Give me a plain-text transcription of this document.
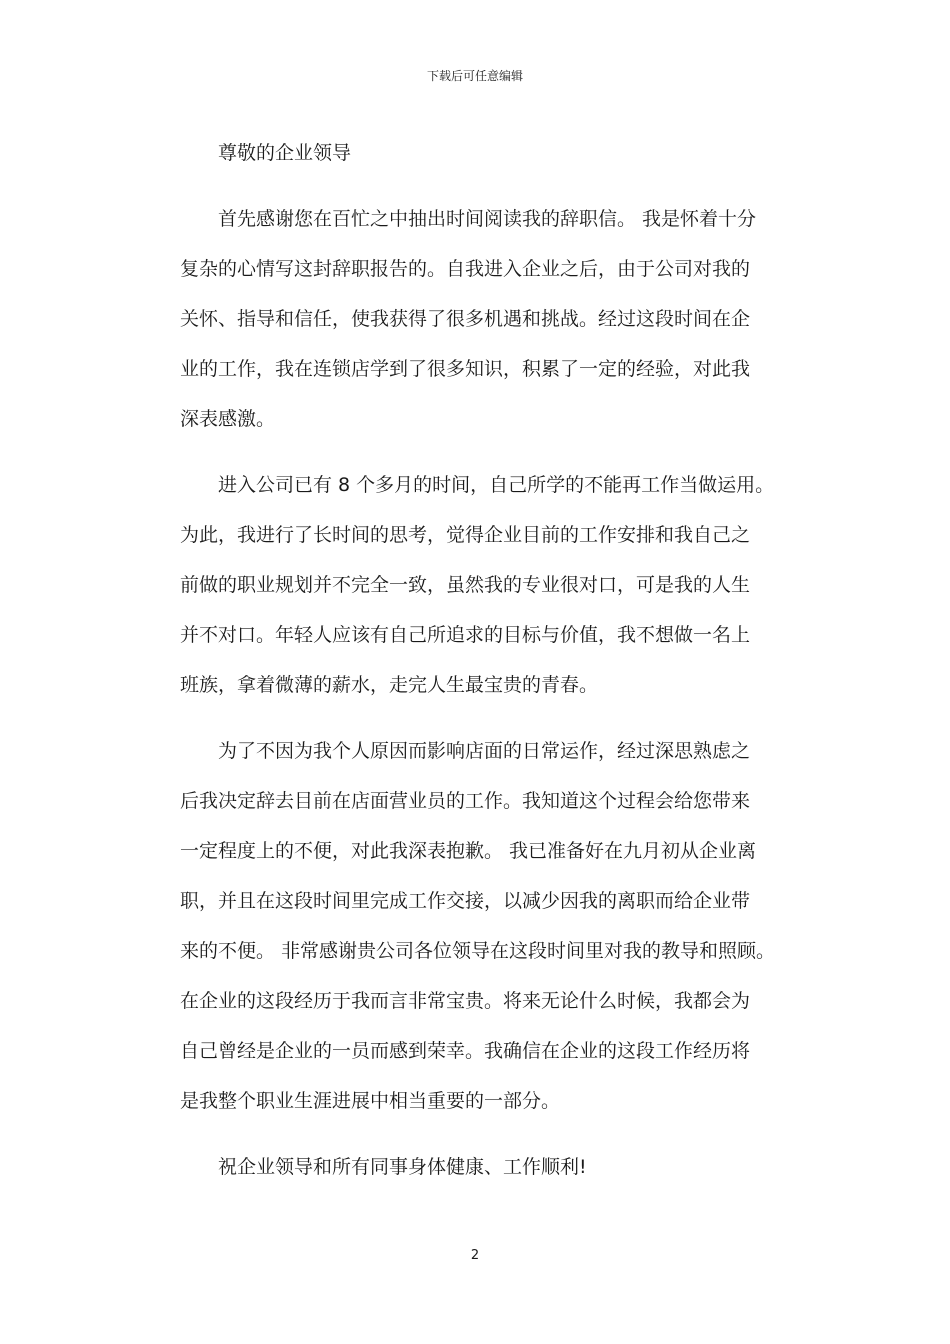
下载后可任意编辑
尊敬的企业领导
首先感谢您在百忙之中抽出时间阅读我的辞职信。 我是怀着十分
复杂的心情写这封辞职报告的。自我进入企业之后，由于公司对我的
关怀、指导和信任，使我获得了很多机遇和挑战。经过这段时间在企
业的工作，我在连锁店学到了很多知识，积累了一定的经验，对此我
深表感激。
进入公司已有 8 个多月的时间，自己所学的不能再工作当做运用。
为此，我进行了长时间的思考，觉得企业目前的工作安排和我自己之
前做的职业规划并不完全一致，虽然我的专业很对口，可是我的人生
并不对口。年轻人应该有自己所追求的目标与价值，我不想做一名上
班族，拿着微薄的薪水，走完人生最宝贵的青春。
为了不因为我个人原因而影响店面的日常运作，经过深思熟虑之
后我决定辞去目前在店面营业员的工作。我知道这个过程会给您带来
一定程度上的不便，对此我深表抱歉。 我已准备好在九月初从企业离
职，并且在这段时间里完成工作交接，以减少因我的离职而给企业带
来的不便。 非常感谢贵公司各位领导在这段时间里对我的教导和照顾。
在企业的这段经历于我而言非常宝贵。将来无论什么时候，我都会为
自己曾经是企业的一员而感到荣幸。我确信在企业的这段工作经历将
是我整个职业生涯进展中相当重要的一部分。
祝企业领导和所有同事身体健康、工作顺利!
2
